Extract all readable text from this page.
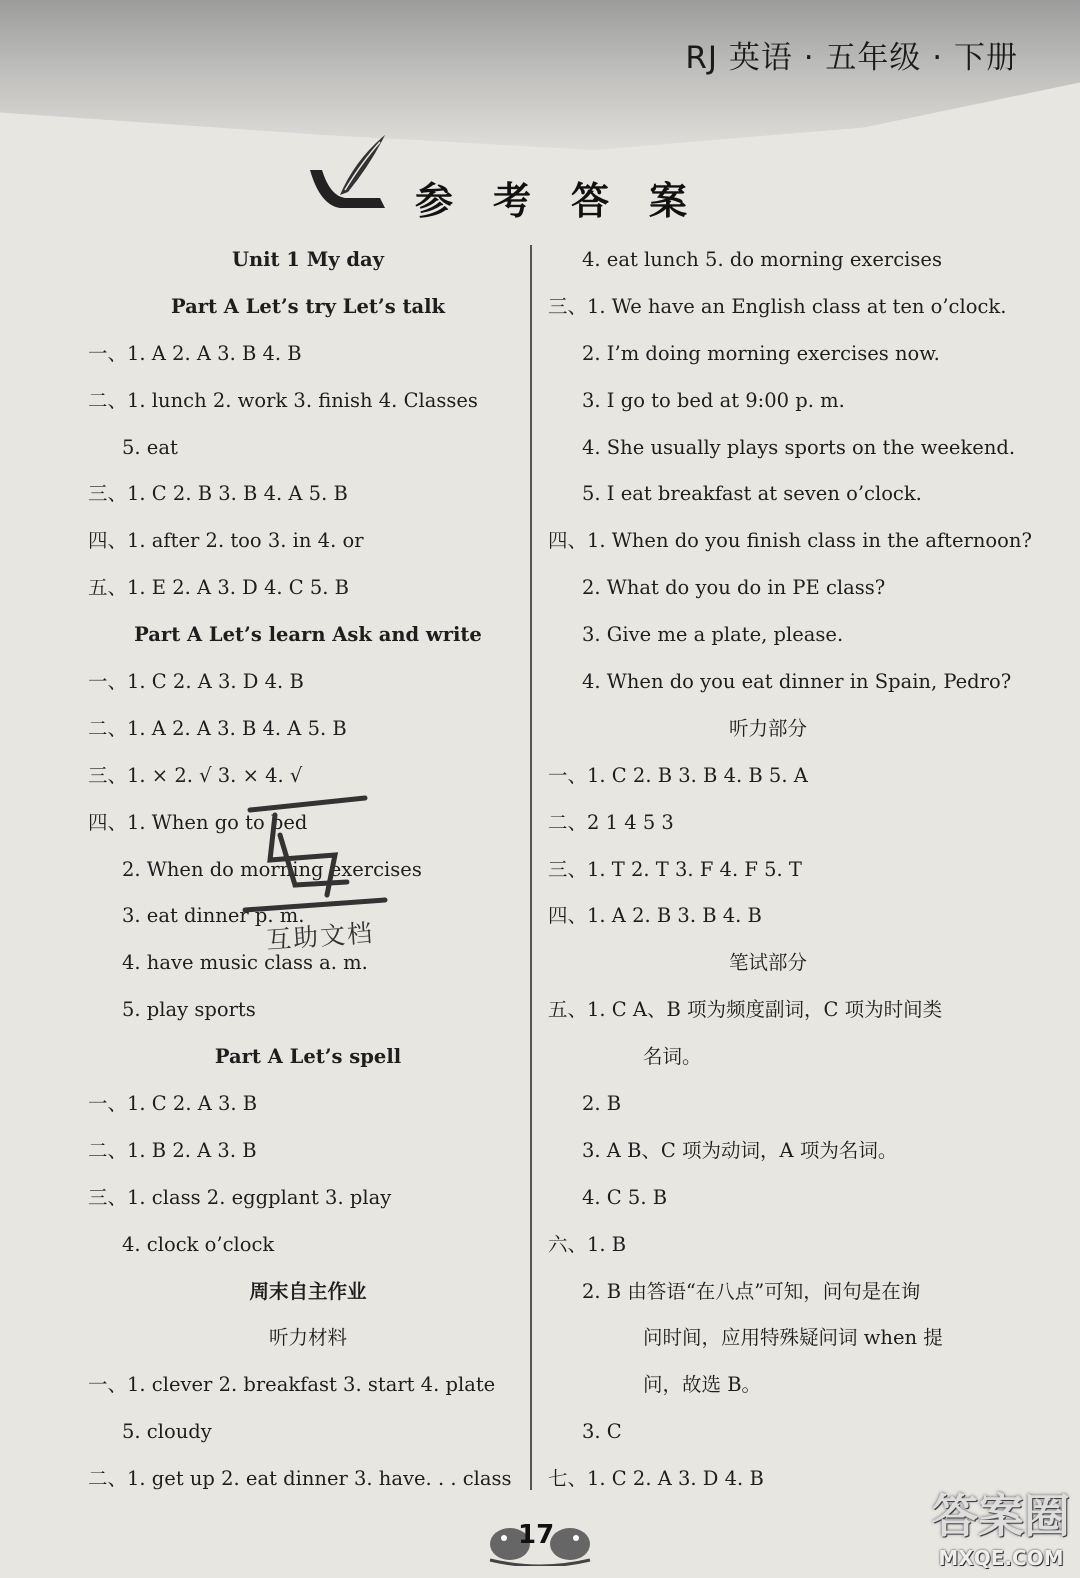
RJ 英语 · 五年级 · 下册
参考答案
Unit 1 My day
Part A Let’s try Let’s talk
一、1. A 2. A 3. B 4. B
二、1. lunch 2. work 3. finish 4. Classes
5. eat
三、1. C 2. B 3. B 4. A 5. B
四、1. after 2. too 3. in 4. or
五、1. E 2. A 3. D 4. C 5. B
Part A Let’s learn Ask and write
一、1. C 2. A 3. D 4. B
二、1. A 2. A 3. B 4. A 5. B
三、1. × 2. √ 3. × 4. √
四、1. When go to bed
2. When do morning exercises
3. eat dinner p. m.
4. have music class a. m.
5. play sports
Part A Let’s spell
一、1. C 2. A 3. B
二、1. B 2. A 3. B
三、1. class 2. eggplant 3. play
4. clock o’clock
周末自主作业
听力材料
一、1. clever 2. breakfast 3. start 4. plate
5. cloudy
二、1. get up 2. eat dinner 3. have. . . class
4. eat lunch 5. do morning exercises
三、1. We have an English class at ten o’clock.
2. I’m doing morning exercises now.
3. I go to bed at 9:00 p. m.
4. She usually plays sports on the weekend.
5. I eat breakfast at seven o’clock.
四、1. When do you finish class in the afternoon?
2. What do you do in PE class?
3. Give me a plate, please.
4. When do you eat dinner in Spain, Pedro?
听力部分
一、1. C 2. B 3. B 4. B 5. A
二、2 1 4 5 3
三、1. T 2. T 3. F 4. F 5. T
四、1. A 2. B 3. B 4. B
笔试部分
五、1. C A、B 项为频度副词，C 项为时间类
名词。
2. B
3. A B、C 项为动词，A 项为名词。
4. C 5. B
六、1. B
2. B 由答语“在八点”可知，问句是在询
问时间，应用特殊疑问词 when 提
问，故选 B。
3. C
七、1. C 2. A 3. D 4. B
互助文档
17	答案圈
MXQE.COM
